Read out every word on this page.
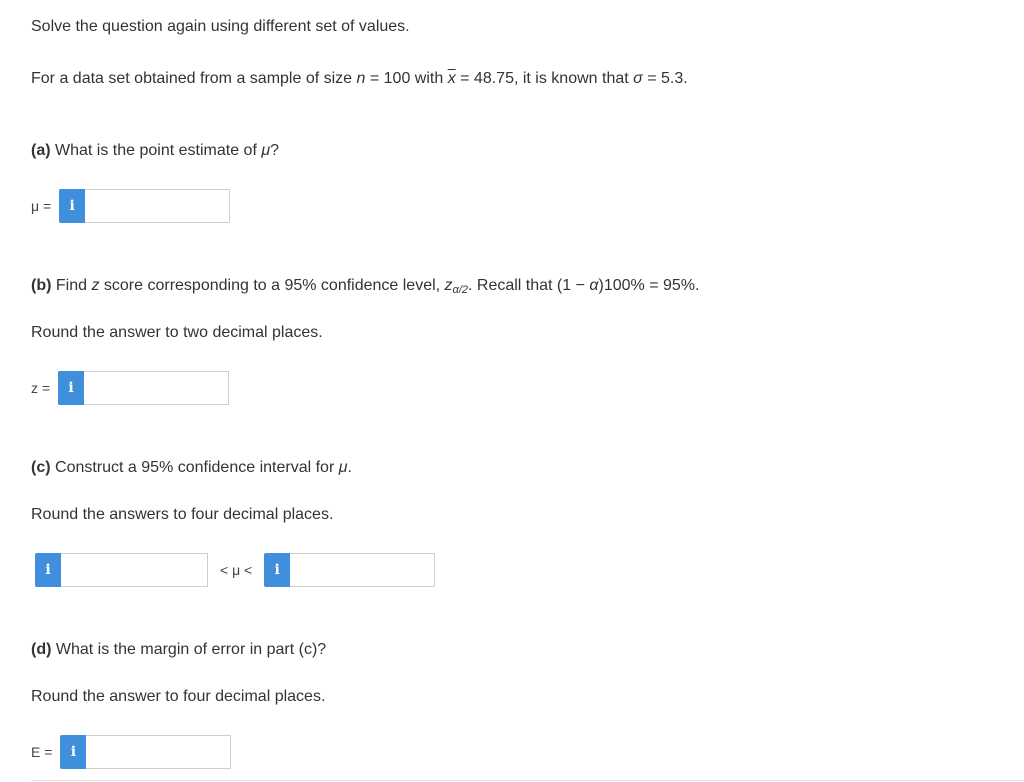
Solve the question again using different set of values.
For a data set obtained from a sample of size n = 100 with $\overline{x} = 48.75$, it is known that σ = 5.3.
(a) What is the point estimate of μ?
μ =	i
(b) Find z score corresponding to a 95% confidence level, zα/2. Recall that (1 − α)100% = 95%.
Round the answer to two decimal places.
z =	i
(c) Construct a 95% confidence interval for μ.
Round the answers to four decimal places.
i	< μ <	i
(d) What is the margin of error in part (c)?
Round the answer to four decimal places.
E =	i
